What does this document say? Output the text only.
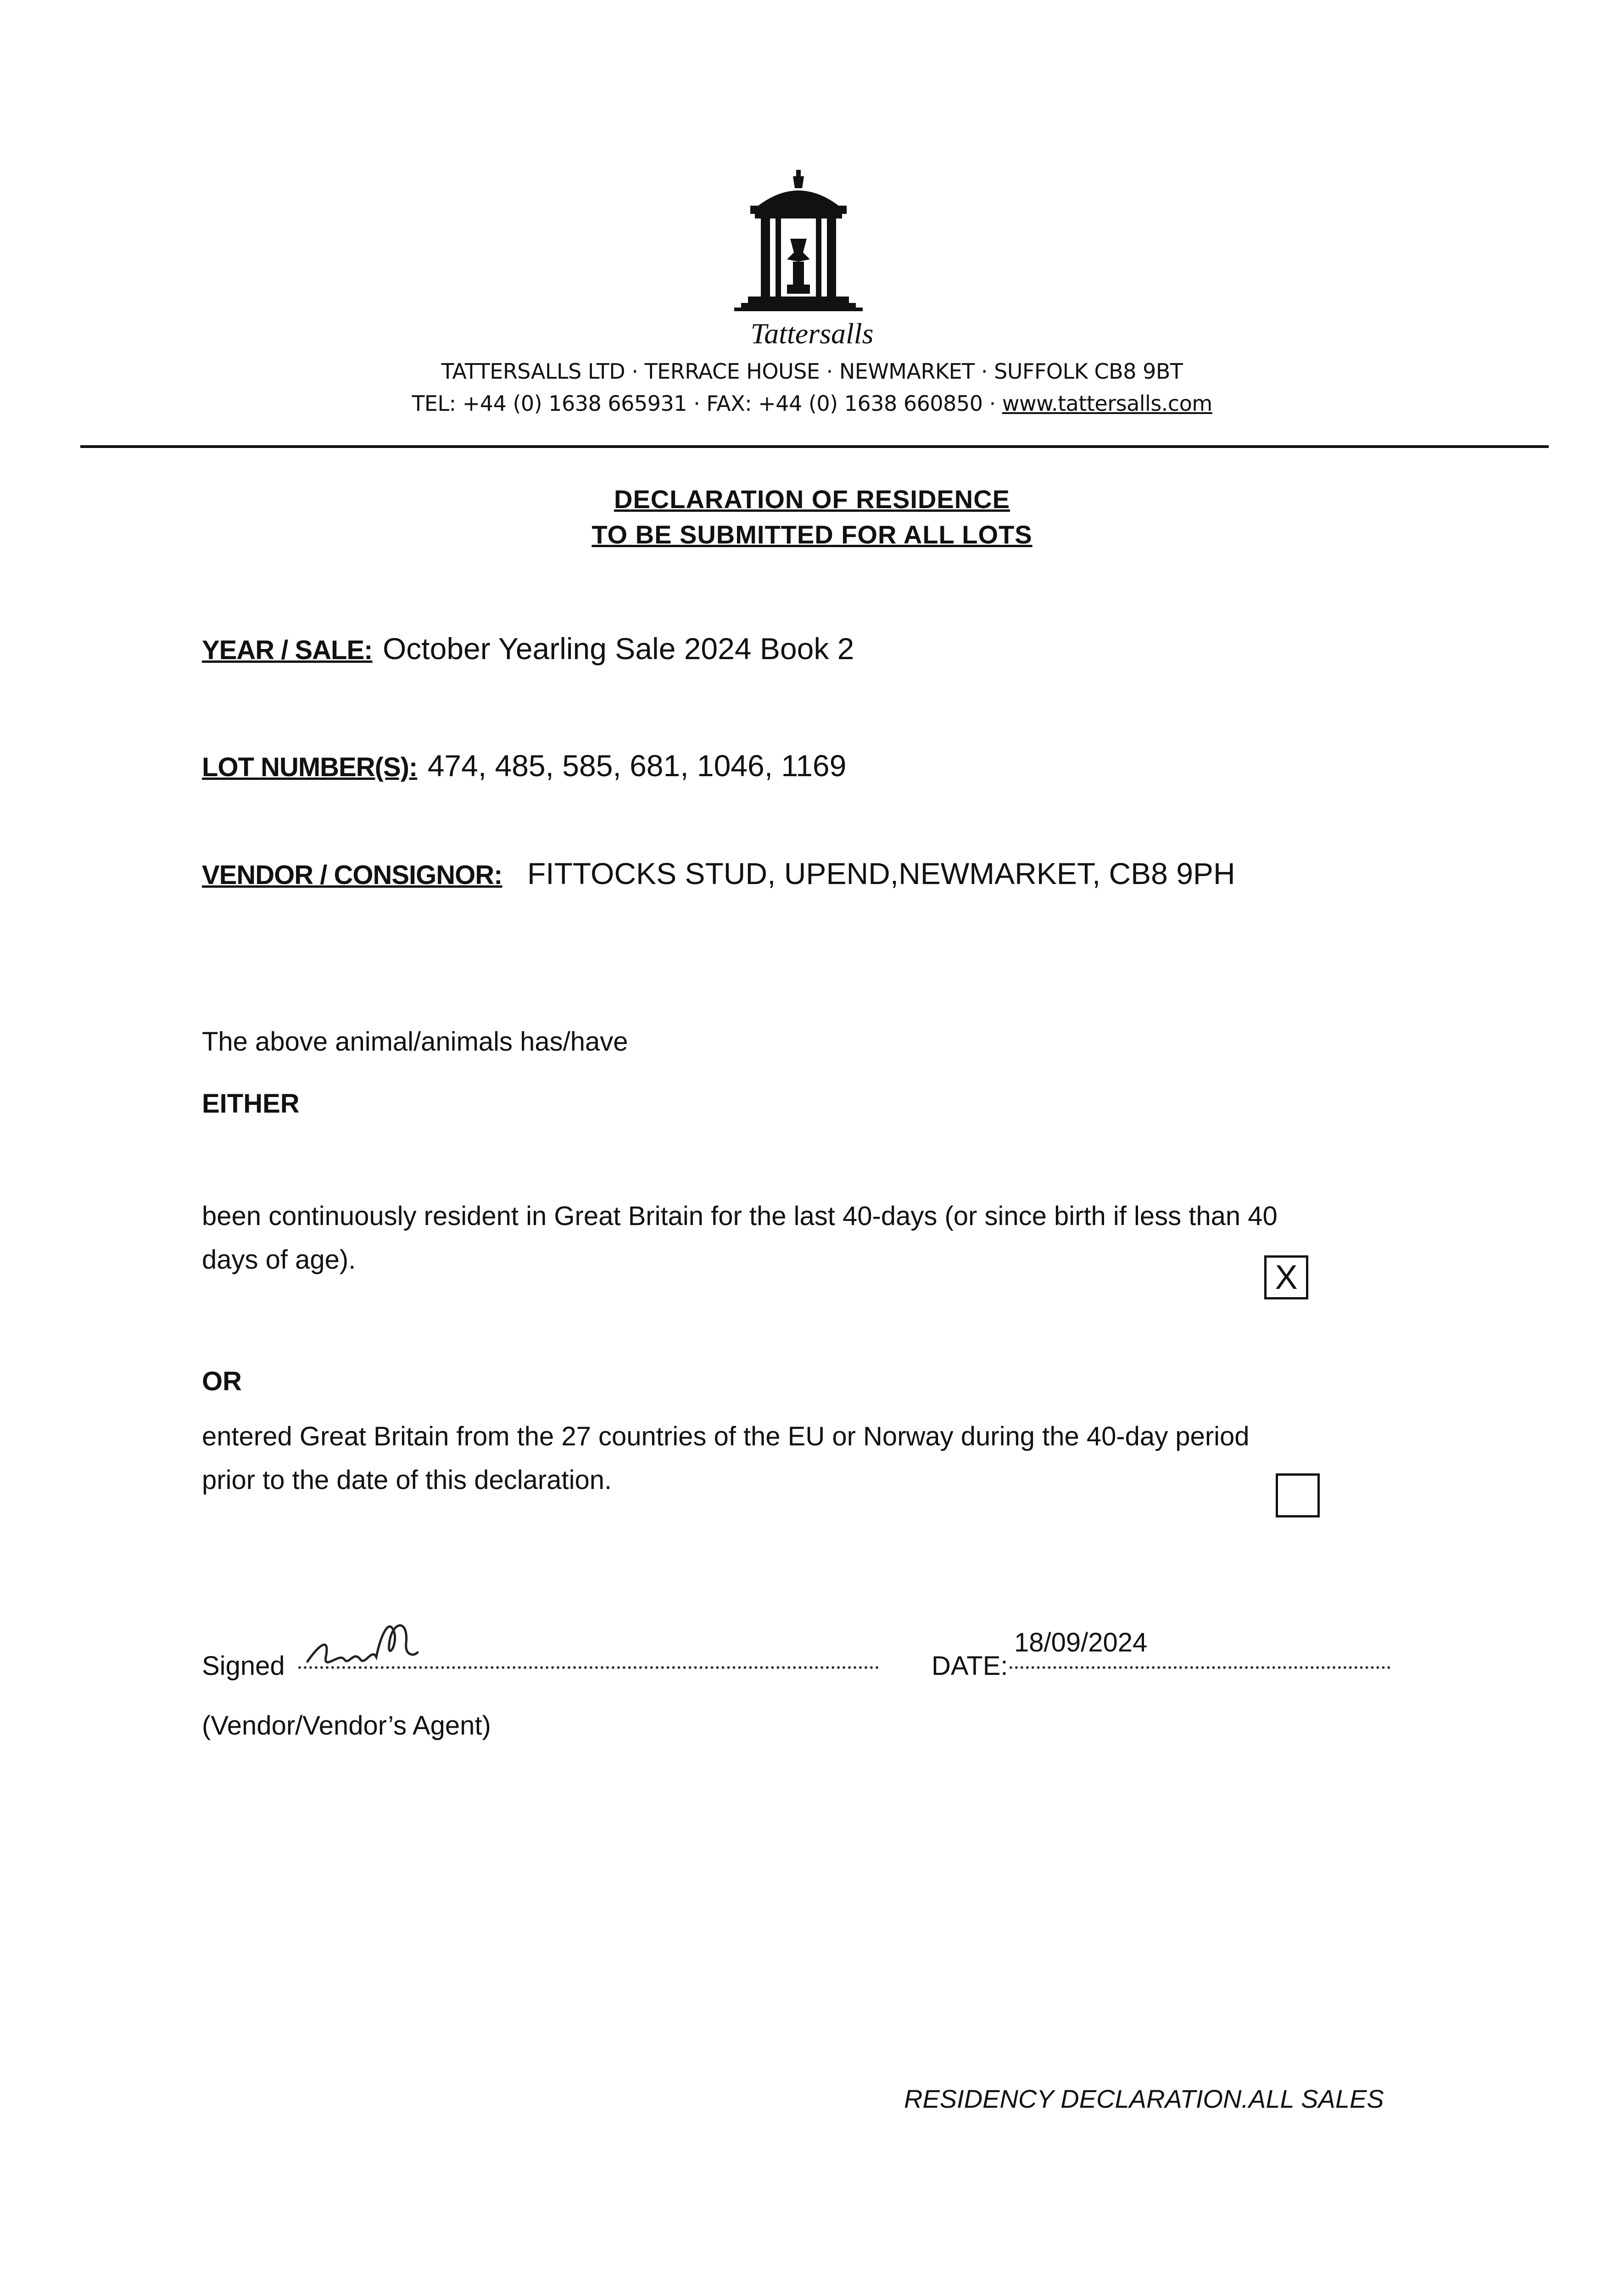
Tattersalls
TATTERSALLS LTD · TERRACE HOUSE · NEWMARKET · SUFFOLK CB8 9BT
TEL: +44 (0) 1638 665931 · FAX: +44 (0) 1638 660850 · www.tattersalls.com
DECLARATION OF RESIDENCE
TO BE SUBMITTED FOR ALL LOTS
YEAR / SALE: October Yearling Sale 2024 Book 2
LOT NUMBER(S): 474, 485, 585, 681, 1046, 1169
VENDOR / CONSIGNOR: FITTOCKS STUD, UPEND,NEWMARKET, CB8 9PH
The above animal/animals has/have
EITHER
been continuously resident in Great Britain for the last 40-days (or since birth if less than 40
days of age).	X
OR
entered Great Britain from the 27 countries of the EU or Norway during the 40-day period
prior to the date of this declaration.
Signed	DATE:
18/09/2024
(Vendor/Vendor’s Agent)
RESIDENCY DECLARATION.ALL SALES
